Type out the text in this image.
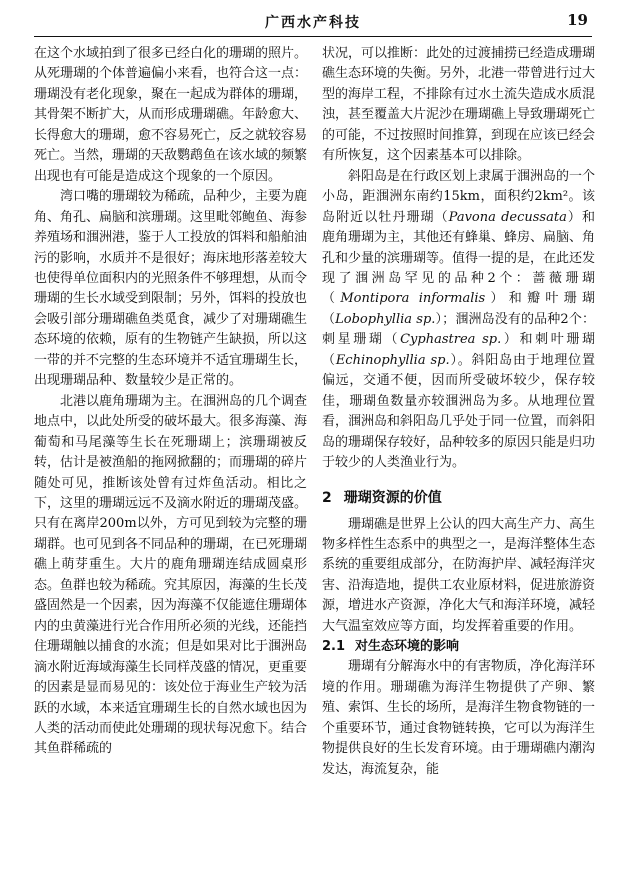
广西水产科技	19

在这个水域拍到了很多已经白化的珊瑚的照片。从死珊瑚的个体普遍偏小来看，也符合这一点：珊瑚没有老化现象，聚在一起成为群体的珊瑚，其骨架不断扩大，从而形成珊瑚礁。年龄愈大、长得愈大的珊瑚，愈不容易死亡，反之就较容易死亡。当然，珊瑚的天敌鹦鹉鱼在该水域的频繁出现也有可能是造成这个现象的一个原因。

湾口嘴的珊瑚较为稀疏，品种少，主要为鹿角、角孔、扁脑和滨珊瑚。这里毗邻鲍鱼、海参养殖场和涠洲港，鉴于人工投放的饵料和船舶油污的影响，水质并不是很好；海床地形落差较大也使得单位面积内的光照条件不够理想，从而令珊瑚的生长水域受到限制；另外，饵料的投放也会吸引部分珊瑚礁鱼类觅食，减少了对珊瑚礁生态环境的依赖，原有的生物链产生缺损，所以这一带的并不完整的生态环境并不适宜珊瑚生长，出现珊瑚品种、数量较少是正常的。

北港以鹿角珊瑚为主。在涠洲岛的几个调查地点中，以此处所受的破坏最大。很多海藻、海葡萄和马尾藻等生长在死珊瑚上；滨珊瑚被反转，估计是被渔船的拖网掀翻的；而珊瑚的碎片随处可见，推断该处曾有过炸鱼活动。相比之下，这里的珊瑚远远不及滴水附近的珊瑚茂盛。只有在离岸200m以外，方可见到较为完整的珊瑚群。也可见到各不同品种的珊瑚，在已死珊瑚礁上萌芽重生。大片的鹿角珊瑚连结成圆桌形态。鱼群也较为稀疏。究其原因，海藻的生长茂盛固然是一个因素，因为海藻不仅能遮住珊瑚体内的虫黄藻进行光合作用所必须的光线，还能挡住珊瑚触以捕食的水流；但是如果对比于涠洲岛滴水附近海域海藻生长同样茂盛的情况，更重要的因素是显而易见的：该处位于海业生产较为活跃的水域，本来适宜珊瑚生长的自然水域也因为人类的活动而使此处珊瑚的现状每况愈下。结合其鱼群稀疏的

状况，可以推断：此处的过渡捕捞已经造成珊瑚礁生态环境的失衡。另外，北港一带曾进行过大型的海岸工程，不排除有过水土流失造成水质混浊，甚至覆盖大片泥沙在珊瑚礁上导致珊瑚死亡的可能，不过按照时间推算，到现在应该已经会有所恢复，这个因素基本可以排除。

斜阳岛是在行政区划上隶属于涠洲岛的一个小岛，距涠洲东南约15km，面积约2km²。该岛附近以牡丹珊瑚（Pavona decussata）和鹿角珊瑚为主，其他还有蜂巢、蜂房、扁脑、角孔和少量的滨珊瑚等。值得一提的是，在此还发现了涠洲岛罕见的品种2个：蔷薇珊瑚（Montipora informalis）和瓣叶珊瑚（Lobophyllia sp.）；涠洲岛没有的品种2个：刺星珊瑚（Cyphastrea sp.）和刺叶珊瑚（Echinophyllia sp.）。斜阳岛由于地理位置偏远，交通不便，因而所受破坏较少，保存较佳，珊瑚鱼数量亦较涠洲岛为多。从地理位置看，涠洲岛和斜阳岛几乎处于同一位置，而斜阳岛的珊瑚保存较好，品种较多的原因只能是归功于较少的人类渔业行为。

2 珊瑚资源的价值

珊瑚礁是世界上公认的四大高生产力、高生物多样性生态系中的典型之一，是海洋整体生态系统的重要组成部分，在防海护岸、减轻海洋灾害、沿海造地，提供工农业原材料，促进旅游资源，增进水产资源，净化大气和海洋环境，减轻大气温室效应等方面，均发挥着重要的作用。

2.1 对生态环境的影响

珊瑚有分解海水中的有害物质，净化海洋环境的作用。珊瑚礁为海洋生物提供了产卵、繁殖、索饵、生长的场所，是海洋生物食物链的一个重要环节，通过食物链转换，它可以为海洋生物提供良好的生长发育环境。由于珊瑚礁内潮沟发达，海流复杂，能
